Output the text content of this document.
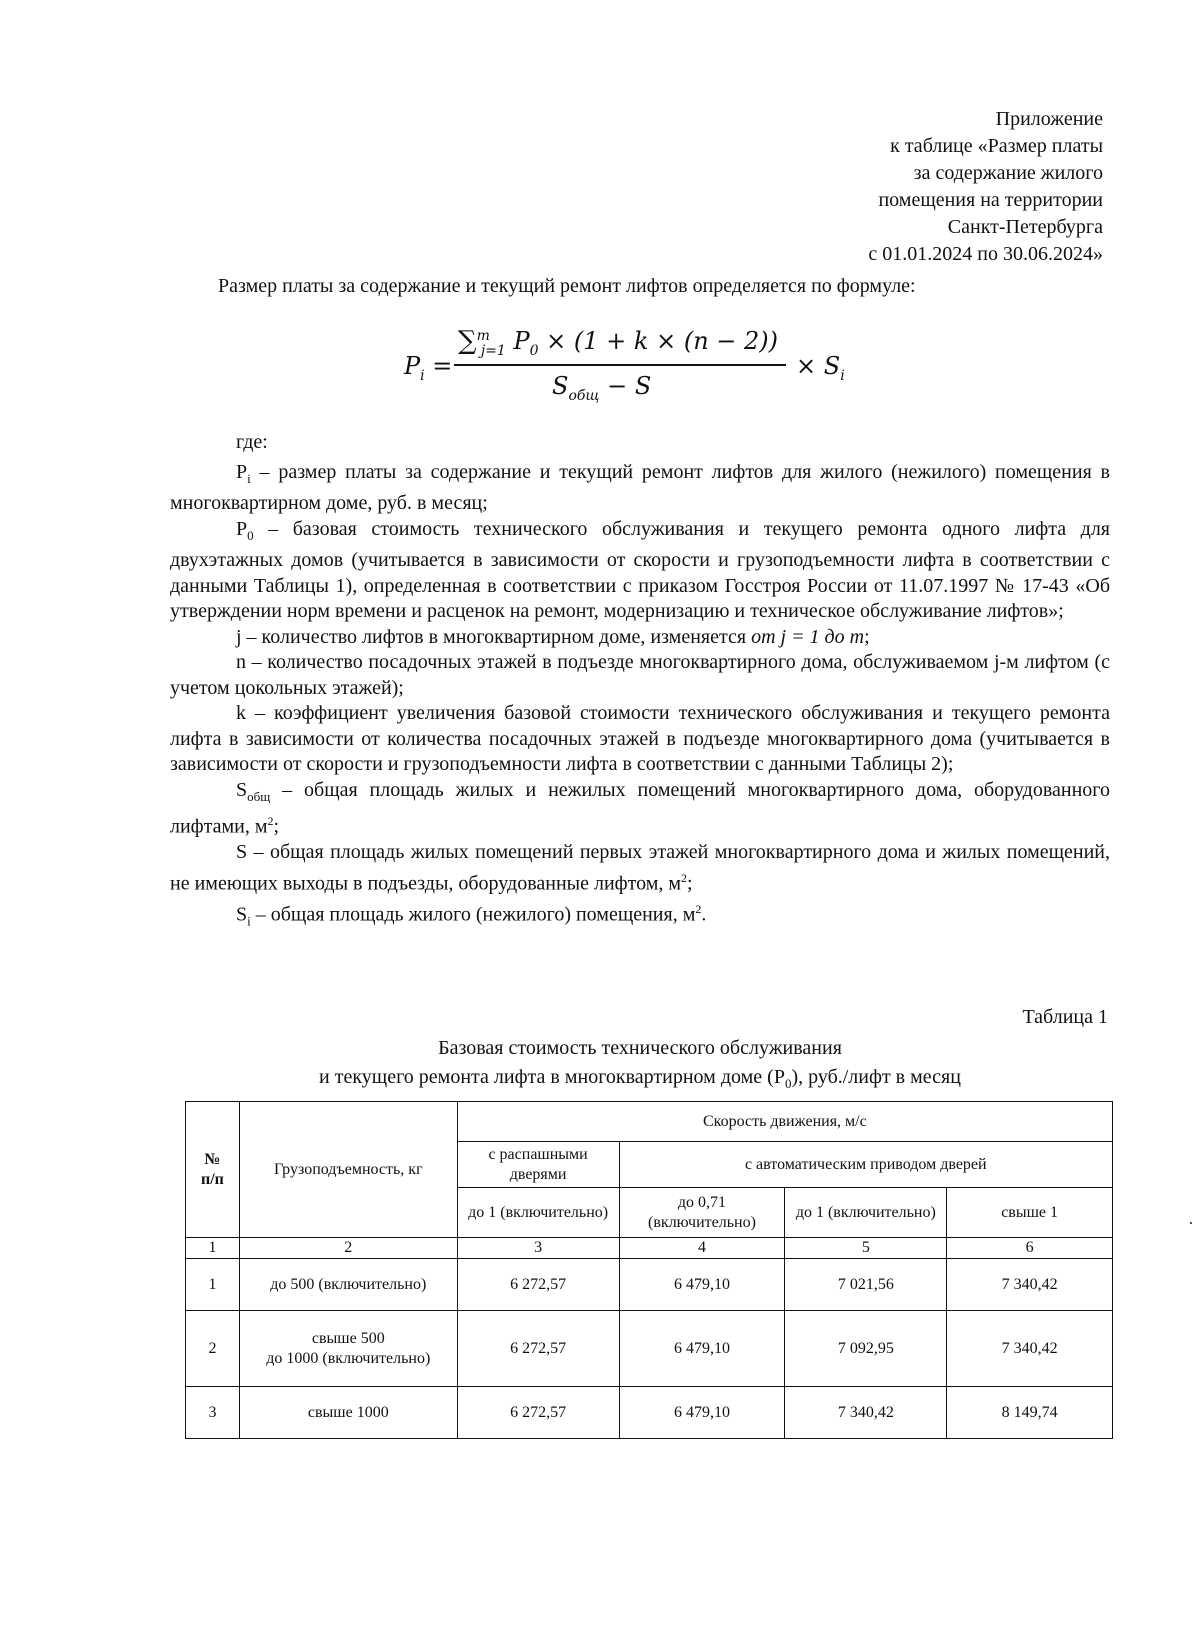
Приложение
к таблице «Размер платы
за содержание жилого
помещения на территории
Санкт-Петербурга
с 01.01.2024 по 30.06.2024»
Размер платы за содержание и текущий ремонт лифтов определяется по формуле:
$P_i$ =
∑$^m_{j=1}$ $P_0 \times (1 + k \times (n - 2))$
$S_{общ} - S$
× $S_i$

где:

$P_i$ – размер платы за содержание и текущий ремонт лифтов для жилого (нежилого) помещения в многоквартирном доме, руб. в месяц;

$P_0$ – базовая стоимость технического обслуживания и текущего ремонта одного лифта для двухэтажных домов (учитывается в зависимости от скорости и грузоподъемности лифта в соответствии с данными Таблицы 1), определенная в соответствии с приказом Госстроя России от 11.07.1997 № 17-43 «Об утверждении норм времени и расценок на ремонт, модернизацию и техническое обслуживание лифтов»;

j – количество лифтов в многоквартирном доме, изменяется от j = 1 до m;

n – количество посадочных этажей в подъезде многоквартирного дома, обслуживаемом j-м лифтом (с учетом цокольных этажей);

k – коэффициент увеличения базовой стоимости технического обслуживания и текущего ремонта лифта в зависимости от количества посадочных этажей в подъезде многоквартирного дома (учитывается в зависимости от скорости и грузоподъемности лифта в соответствии с данными Таблицы 2);

$S_{общ}$ – общая площадь жилых и нежилых помещений многоквартирного дома, оборудованного лифтами, $м^2$;

S – общая площадь жилых помещений первых этажей многоквартирного дома и жилых помещений, не имеющих выходы в подъезды, оборудованные лифтом, $м^2$;

$S_i$ – общая площадь жилого (нежилого) помещения, $м^2$.

Таблица 1
Базовая стоимость технического обслуживания
и текущего ремонта лифта в многоквартирном доме $(P_0)$, руб./лифт в месяц
№
п/п	Грузоподъемность, кг	Скорость движения, м/с			
		с распашными дверями	с автоматическим приводом дверей		
		до 1 (включительно)	до 0,71 (включительно)	до 1 (включительно)	свыше 1
1	2	3	4	5	6
1	до 500 (включительно)	6 272,57	6 479,10	7 021,56	7 340,42
2	свыше 500
до 1000 (включительно)	6 272,57	6 479,10	7 092,95	7 340,42
3	свыше 1000	6 272,57	6 479,10	7 340,42	8 149,74
